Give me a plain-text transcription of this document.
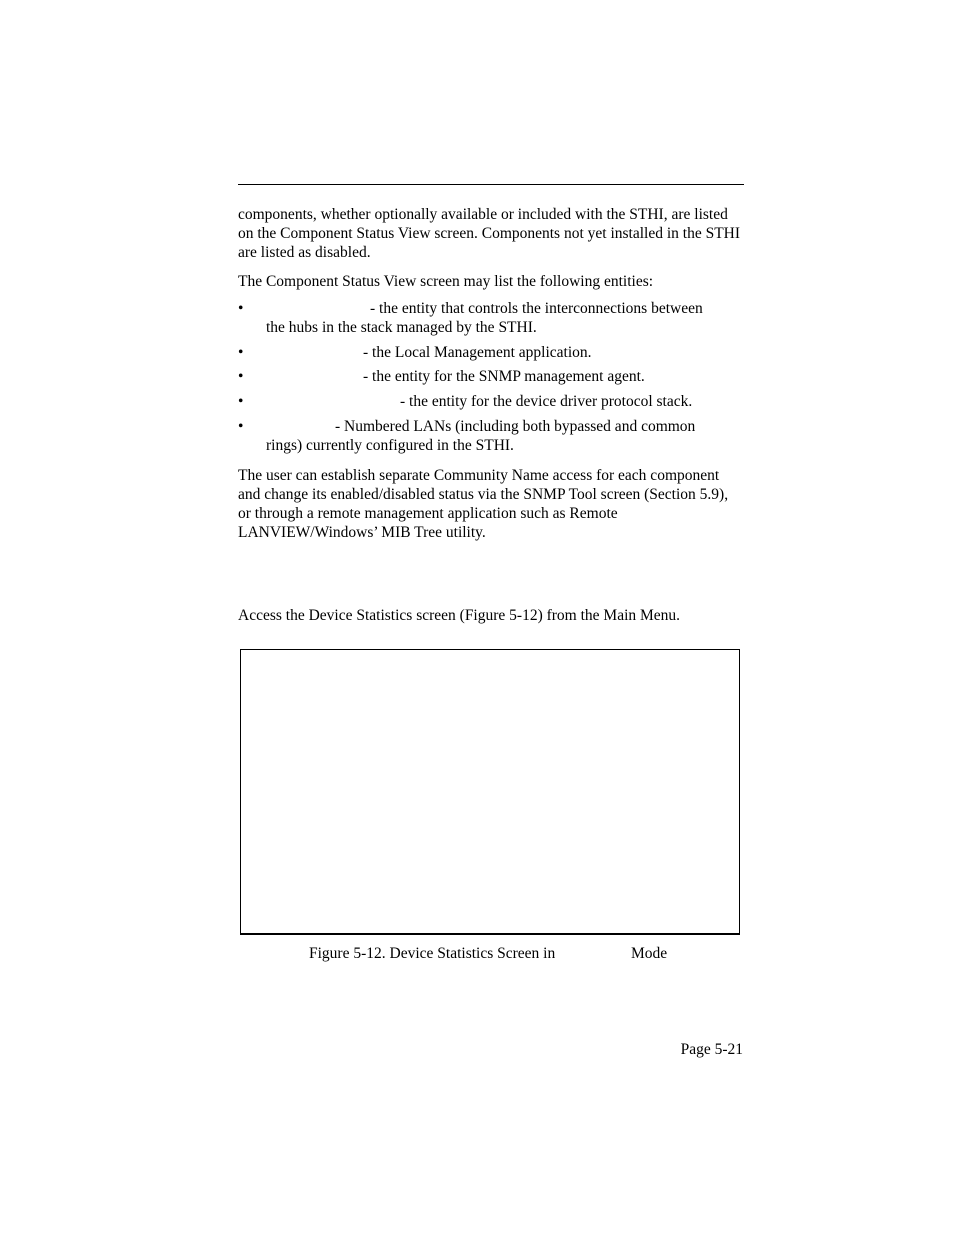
components, whether optionally available or included with the STHI, are listed on the Component Status View screen. Components not yet installed in the STHI are listed as disabled.
The Component Status View screen may list the following entities:
•	- the entity that controls the interconnections between
the hubs in the stack managed by the STHI.
•	- the Local Management application.
•	- the entity for the SNMP management agent.
•	- the entity for the device driver protocol stack.
•	- Numbered LANs (including both bypassed and common
rings) currently configured in the STHI.
The user can establish separate Community Name access for each component and change its enabled/disabled status via the SNMP Tool screen (Section 5.9), or through a remote management application such as Remote LANVIEW/Windows’ MIB Tree utility.
Access the Device Statistics screen (Figure 5-12) from the Main Menu.
Figure 5-12. Device Statistics Screen in	Mode
Page 5-21
